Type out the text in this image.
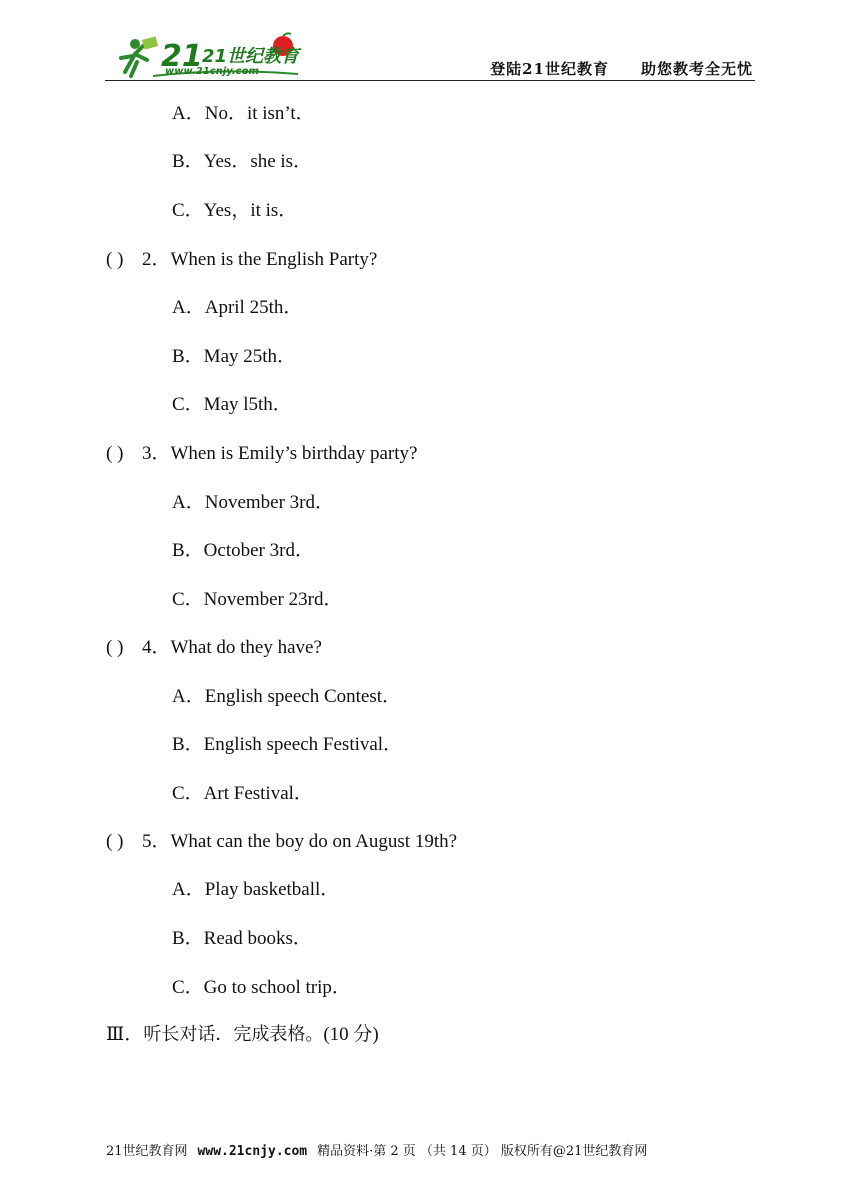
21 21世纪教育
www.21cnjy.com	登陆21世纪教育 助您教考全无忧
A．No．it isn’t．
B．Yes．she is．
C．Yes，it is．
( ) 2．When is the English Party?
A．April 25th．
B．May 25th．
C．May l5th．
( ) 3．When is Emily’s birthday party?
A．November 3rd．
B．October 3rd．
C．November 23rd．
( ) 4．What do they have?
A．English speech Contest．
B．English speech Festival．
C．Art Festival．
( ) 5．What can the boy do on August 19th?
A．Play basketball．
B．Read books．
C．Go to school trip．
Ⅲ．听长对话．完成表格。(10 分)
21世纪教育网 www.21cnjy.com 精品资料·第 2 页 （共 14 页） 版权所有@21世纪教育网
